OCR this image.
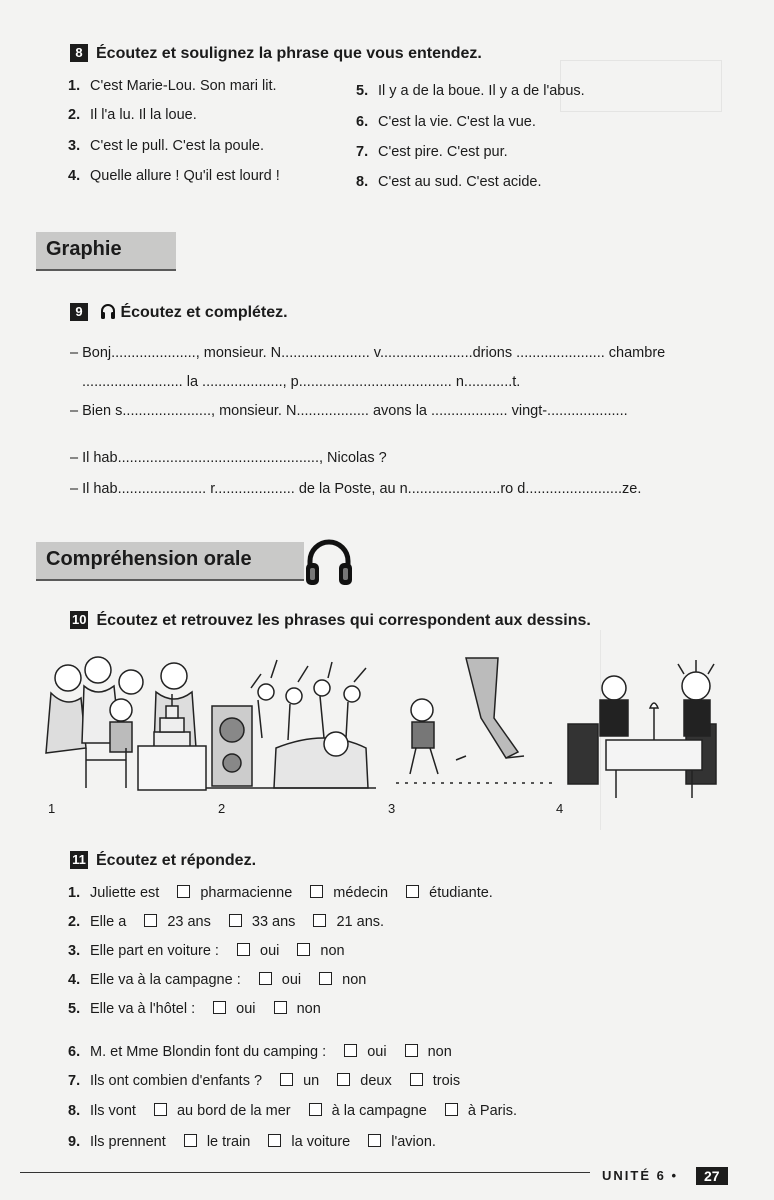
8 Écoutez et soulignez la phrase que vous entendez.
1. C'est Marie-Lou. Son mari lit.
2. Il l'a lu. Il la loue.
3. C'est le pull. C'est la poule.
4. Quelle allure ! Qu'il est lourd !
5. Il y a de la boue. Il y a de l'abus.
6. C'est la vie. C'est la vue.
7. C'est pire. C'est pur.
8. C'est au sud. C'est acide.
Graphie
9 Écoutez et complétez.
– Bonj....................., monsieur. N...................... v.......................drions ...................... chambre
......................... la ...................., p...................................... n............t.
– Bien s......................, monsieur. N.................. avons la ................... vingt-....................
– Il hab.................................................., Nicolas ?
– Il hab...................... r.................... de la Poste, au n.......................ro d........................ze.
Compréhension orale
10 Écoutez et retrouvez les phrases qui correspondent aux dessins.
1	2	3	4
11 Écoutez et répondez.
1. Juliette est	pharmacienne	médecin	étudiante.
2. Elle a	23 ans	33 ans	21 ans.
3. Elle part en voiture :	oui	non
4. Elle va à la campagne :	oui	non
5. Elle va à l'hôtel :	oui	non
6. M. et Mme Blondin font du camping :	oui	non
7. Ils ont combien d'enfants ?	un	deux	trois
8. Ils vont	au bord de la mer	à la campagne	à Paris.
9. Ils prennent	le train	la voiture	l'avion.
UNITÉ 6 •	27
